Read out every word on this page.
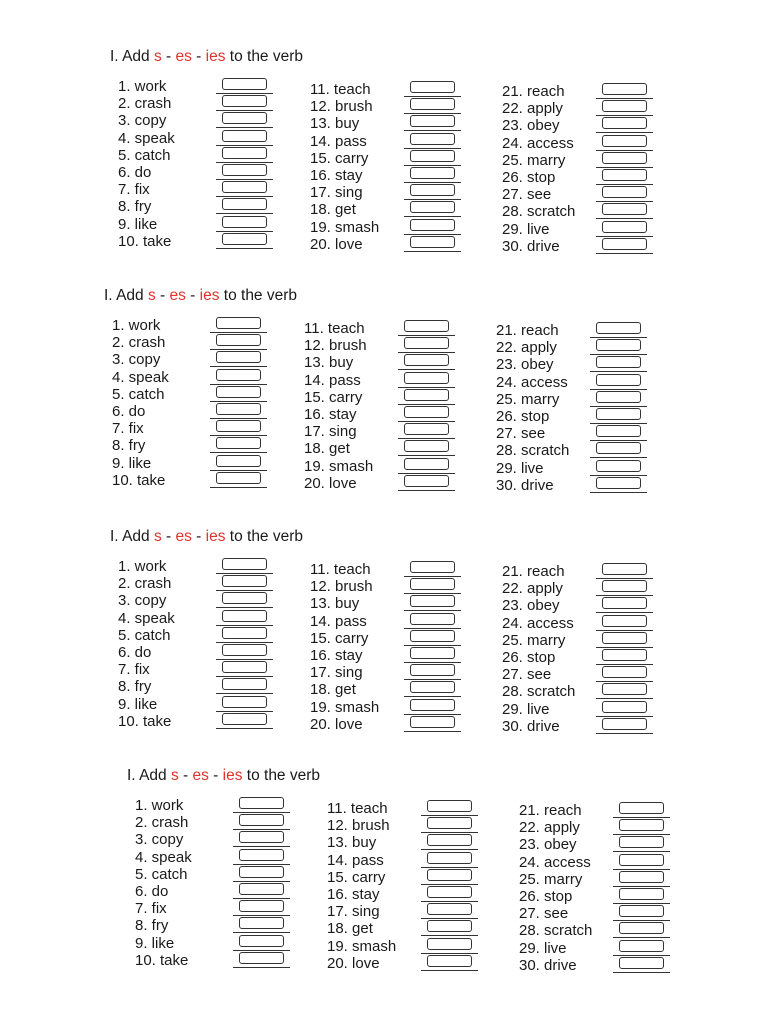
I. Add s - es - ies to the verb
1. work
2. crash
3. copy
4. speak
5. catch
6. do
7. fix
8. fry
9. like
10. take
11. teach
12. brush
13. buy
14. pass
15. carry
16. stay
17. sing
18. get
19. smash
20. love
21. reach
22. apply
23. obey
24. access
25. marry
26. stop
27. see
28. scratch
29. live
30. drive
I. Add s - es - ies to the verb
1. work
2. crash
3. copy
4. speak
5. catch
6. do
7. fix
8. fry
9. like
10. take
11. teach
12. brush
13. buy
14. pass
15. carry
16. stay
17. sing
18. get
19. smash
20. love
21. reach
22. apply
23. obey
24. access
25. marry
26. stop
27. see
28. scratch
29. live
30. drive
I. Add s - es - ies to the verb
1. work
2. crash
3. copy
4. speak
5. catch
6. do
7. fix
8. fry
9. like
10. take
11. teach
12. brush
13. buy
14. pass
15. carry
16. stay
17. sing
18. get
19. smash
20. love
21. reach
22. apply
23. obey
24. access
25. marry
26. stop
27. see
28. scratch
29. live
30. drive
I. Add s - es - ies to the verb
1. work
2. crash
3. copy
4. speak
5. catch
6. do
7. fix
8. fry
9. like
10. take
11. teach
12. brush
13. buy
14. pass
15. carry
16. stay
17. sing
18. get
19. smash
20. love
21. reach
22. apply
23. obey
24. access
25. marry
26. stop
27. see
28. scratch
29. live
30. drive
